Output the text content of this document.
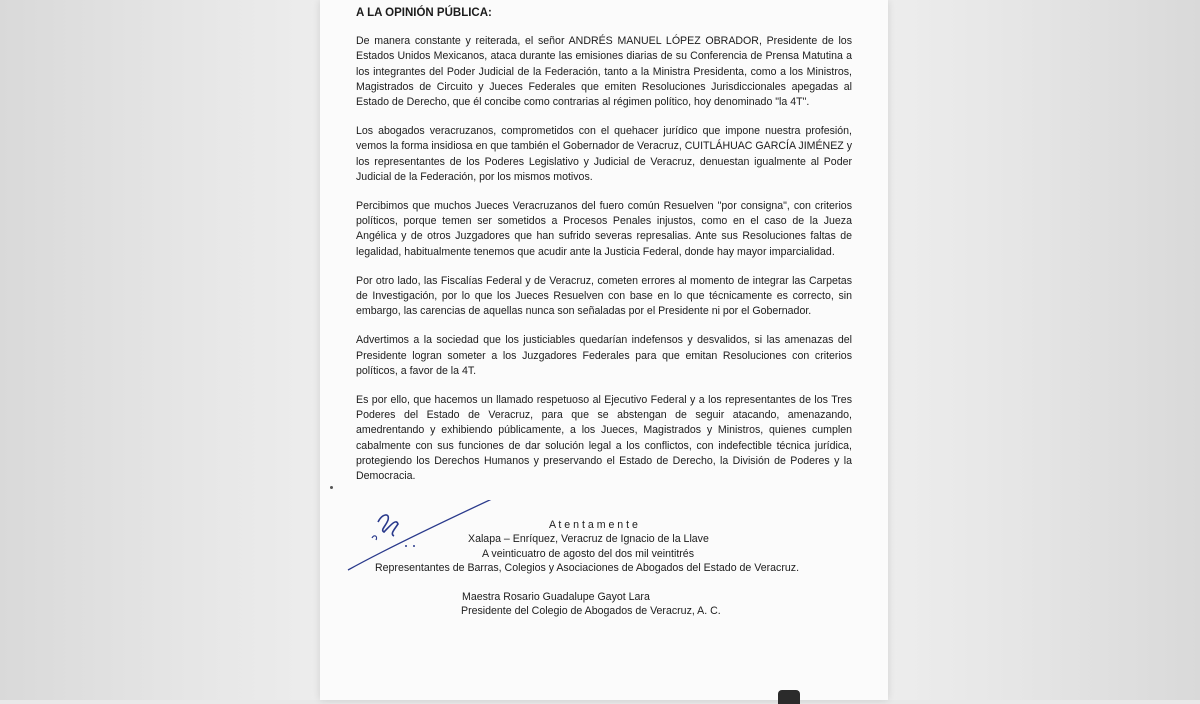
A LA OPINIÓN PÚBLICA:

De manera constante y reiterada, el señor ANDRÉS MANUEL LÓPEZ OBRADOR, Presidente de los Estados Unidos Mexicanos, ataca durante las emisiones diarias de su Conferencia de Prensa Matutina a los integrantes del Poder Judicial de la Federación, tanto a la Ministra Presidenta, como a los Ministros, Magistrados de Circuito y Jueces Federales que emiten Resoluciones Jurisdiccionales apegadas al Estado de Derecho, que él concibe como contrarias al régimen político, hoy denominado "la 4T".

Los abogados veracruzanos, comprometidos con el quehacer jurídico que impone nuestra profesión, vemos la forma insidiosa en que también el Gobernador de Veracruz, CUITLÁHUAC GARCÍA JIMÉNEZ y los representantes de los Poderes Legislativo y Judicial de Veracruz, denuestan igualmente al Poder Judicial de la Federación, por los mismos motivos.

Percibimos que muchos Jueces Veracruzanos del fuero común Resuelven "por consigna", con criterios políticos, porque temen ser sometidos a Procesos Penales injustos, como en el caso de la Jueza Angélica y de otros Juzgadores que han sufrido severas represalias. Ante sus Resoluciones faltas de legalidad, habitualmente tenemos que acudir ante la Justicia Federal, donde hay mayor imparcialidad.

Por otro lado, las Fiscalías Federal y de Veracruz, cometen errores al momento de integrar las Carpetas de Investigación, por lo que los Jueces Resuelven con base en lo que técnicamente es correcto, sin embargo, las carencias de aquellas nunca son señaladas por el Presidente ni por el Gobernador.

Advertimos a la sociedad que los justiciables quedarían indefensos y desvalidos, si las amenazas del Presidente logran someter a los Juzgadores Federales para que emitan Resoluciones con criterios políticos, a favor de la 4T.

Es por ello, que hacemos un llamado respetuoso al Ejecutivo Federal y a los representantes de los Tres Poderes del Estado de Veracruz, para que se abstengan de seguir atacando, amenazando, amedrentando y exhibiendo públicamente, a los Jueces, Magistrados y Ministros, quienes cumplen cabalmente con sus funciones de dar solución legal a los conflictos, con indefectible técnica jurídica, protegiendo los Derechos Humanos y preservando el Estado de Derecho, la División de Poderes y la Democracia.

A t e n t a m e n t e
Xalapa – Enríquez, Veracruz de Ignacio de la Llave
A veinticuatro de agosto del dos mil veintitrés
Representantes de Barras, Colegios y Asociaciones de Abogados del Estado de Veracruz.
Maestra Rosario Guadalupe Gayot Lara
Presidente del Colegio de Abogados de Veracruz, A. C.
